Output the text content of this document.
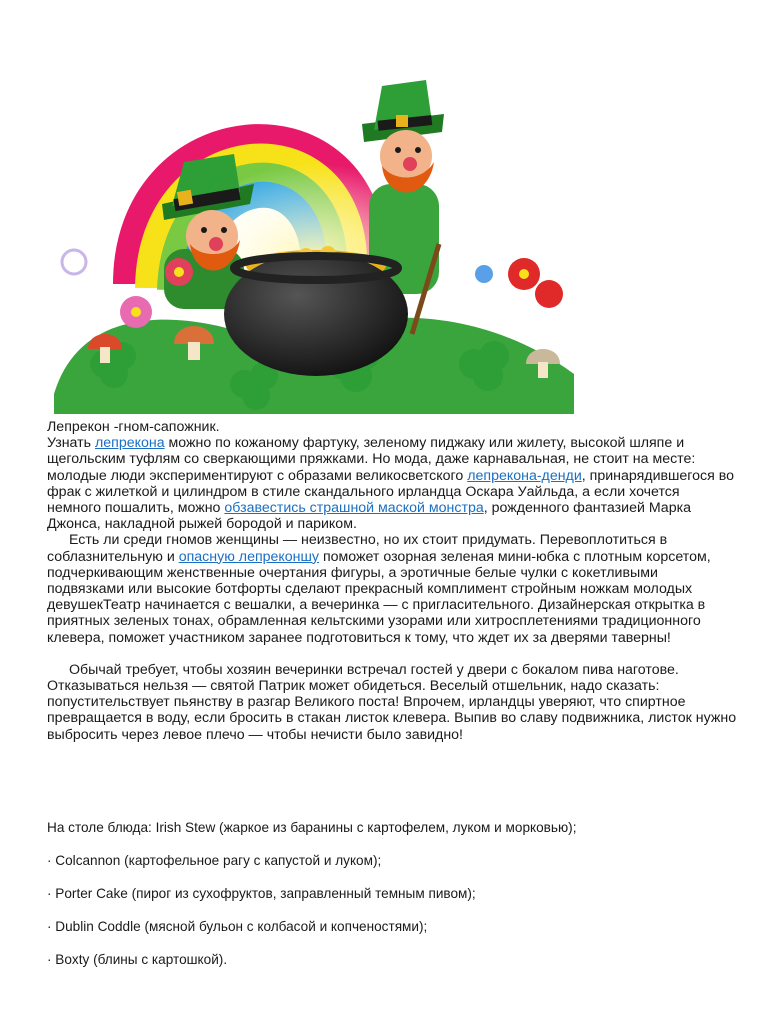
Лепрекон -гном-сапожник.

Узнать лепрекона можно по кожаному фартуку, зеленому пиджаку или жилету, высокой шляпе и щегольским туфлям со сверкающими пряжками. Но мода, даже карнавальная, не стоит на месте: молодые люди экспериментируют с образами великосветского лепрекона-денди, принарядившегося во фрак с жилеткой и цилиндром в стиле скандального ирландца Оскара Уайльда, а если хочется немного пошалить, можно обзавестись страшной маской монстра, рожденного фантазией Марка Джонса, накладной рыжей бородой и париком.

Есть ли среди гномов женщины — неизвестно, но их стоит придумать. Перевоплотиться в соблазнительную и опасную лепреконшу поможет озорная зеленая мини-юбка с плотным корсетом, подчеркивающим женственные очертания фигуры, а эротичные белые чулки с кокетливыми подвязками или высокие ботфорты сделают прекрасный комплимент стройным ножкам молодых девушекТеатр начинается с вешалки, а вечеринка — с пригласительного. Дизайнерская открытка в приятных зеленых тонах, обрамленная кельтскими узорами или хитросплетениями традиционного клевера, поможет участником заранее подготовиться к тому, что ждет их за дверями таверны!

Обычай требует, чтобы хозяин вечеринки встречал гостей у двери с бокалом пива наготове. Отказываться нельзя — святой Патрик может обидеться. Веселый отшельник, надо сказать: попустительствует пьянству в разгар Великого поста! Впрочем, ирландцы уверяют, что спиртное превращается в воду, если бросить в стакан листок клевера. Выпив во славу подвижника, листок нужно выбросить через левое плечо — чтобы нечисти было завидно!

На столе блюда: Irish Stew (жаркое из баранины с картофелем, луком и морковью);

· Colcannon (картофельное рагу с капустой и луком);

· Porter Cake (пирог из сухофруктов, заправленный темным пивом);

· Dublin Coddle (мясной бульон с колбасой и копченостями);

· Boxty (блины с картошкой).
